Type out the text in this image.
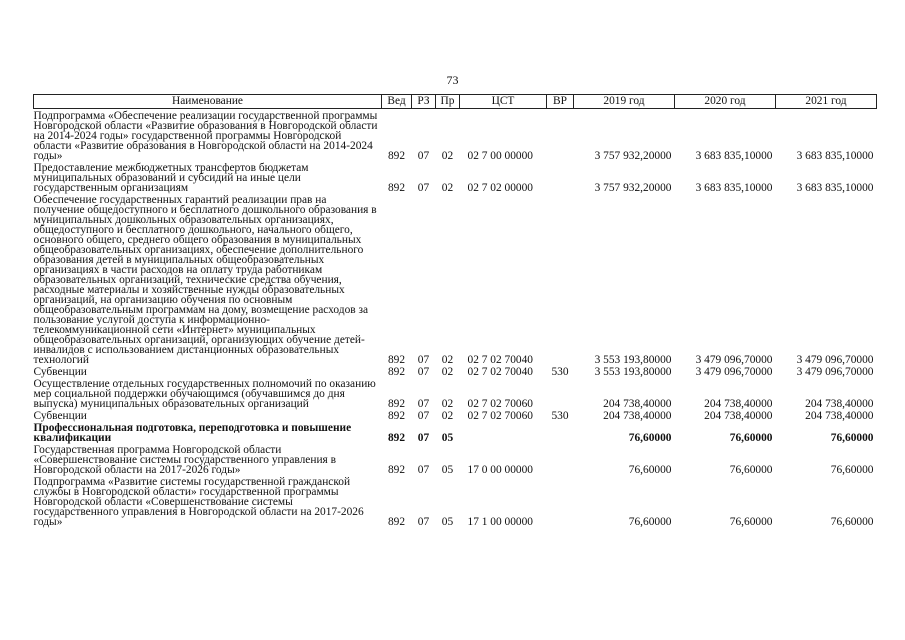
73
Наименование	Вед	РЗ	Пр	ЦСТ	ВР	2019 год	2020 год	2021 год
Подпрограмма «Обеспечение реализации государственной программы Новгородской области «Развитие образования в Новгородской области на 2014-2024 годы» государственной программы Новгородской области «Развитие образования в Новгородской области на 2014-2024 годы»	892	07	02	02 7 00 00000		3 757 932,20000	3 683 835,10000	3 683 835,10000
Предоставление межбюджетных трансфертов бюджетам муниципальных образований и субсидий на иные цели государственным организациям	892	07	02	02 7 02 00000		3 757 932,20000	3 683 835,10000	3 683 835,10000
Обеспечение государственных гарантий реализации прав на получение общедоступного и бесплатного дошкольного образования в муниципальных дошкольных образовательных организациях, общедоступного и бесплатного дошкольного, начального общего, основного общего, среднего общего образования в муниципальных общеобразовательных организациях, обеспечение дополнительного образования детей в муниципальных общеобразовательных организациях в части расходов на оплату труда работникам образовательных организаций, технические средства обучения, расходные материалы и хозяйственные нужды образовательных организаций, на организацию обучения по основным общеобразовательным программам на дому, возмещение расходов за пользование услугой доступа к информационно-телекоммуникационной сети «Интернет» муниципальных общеобразовательных организаций, организующих обучение детей-инвалидов с использованием дистанционных образовательных технологий	892	07	02	02 7 02 70040		3 553 193,80000	3 479 096,70000	3 479 096,70000
Субвенции	892	07	02	02 7 02 70040	530	3 553 193,80000	3 479 096,70000	3 479 096,70000
Осуществление отдельных государственных полномочий по оказанию мер социальной поддержки обучающимся (обучавшимся до дня выпуска) муниципальных образовательных организаций	892	07	02	02 7 02 70060		204 738,40000	204 738,40000	204 738,40000
Субвенции	892	07	02	02 7 02 70060	530	204 738,40000	204 738,40000	204 738,40000
Профессиональная подготовка, переподготовка и повышение квалификации	892	07	05			76,60000	76,60000	76,60000
Государственная программа Новгородской области «Совершенствование системы государственного управления в Новгородской области на 2017-2026 годы»	892	07	05	17 0 00 00000		76,60000	76,60000	76,60000
Подпрограмма «Развитие системы государственной гражданской службы в Новгородской области» государственной программы Новгородской области «Совершенствование системы государственного управления в Новгородской области на 2017-2026 годы»	892	07	05	17 1 00 00000		76,60000	76,60000	76,60000
